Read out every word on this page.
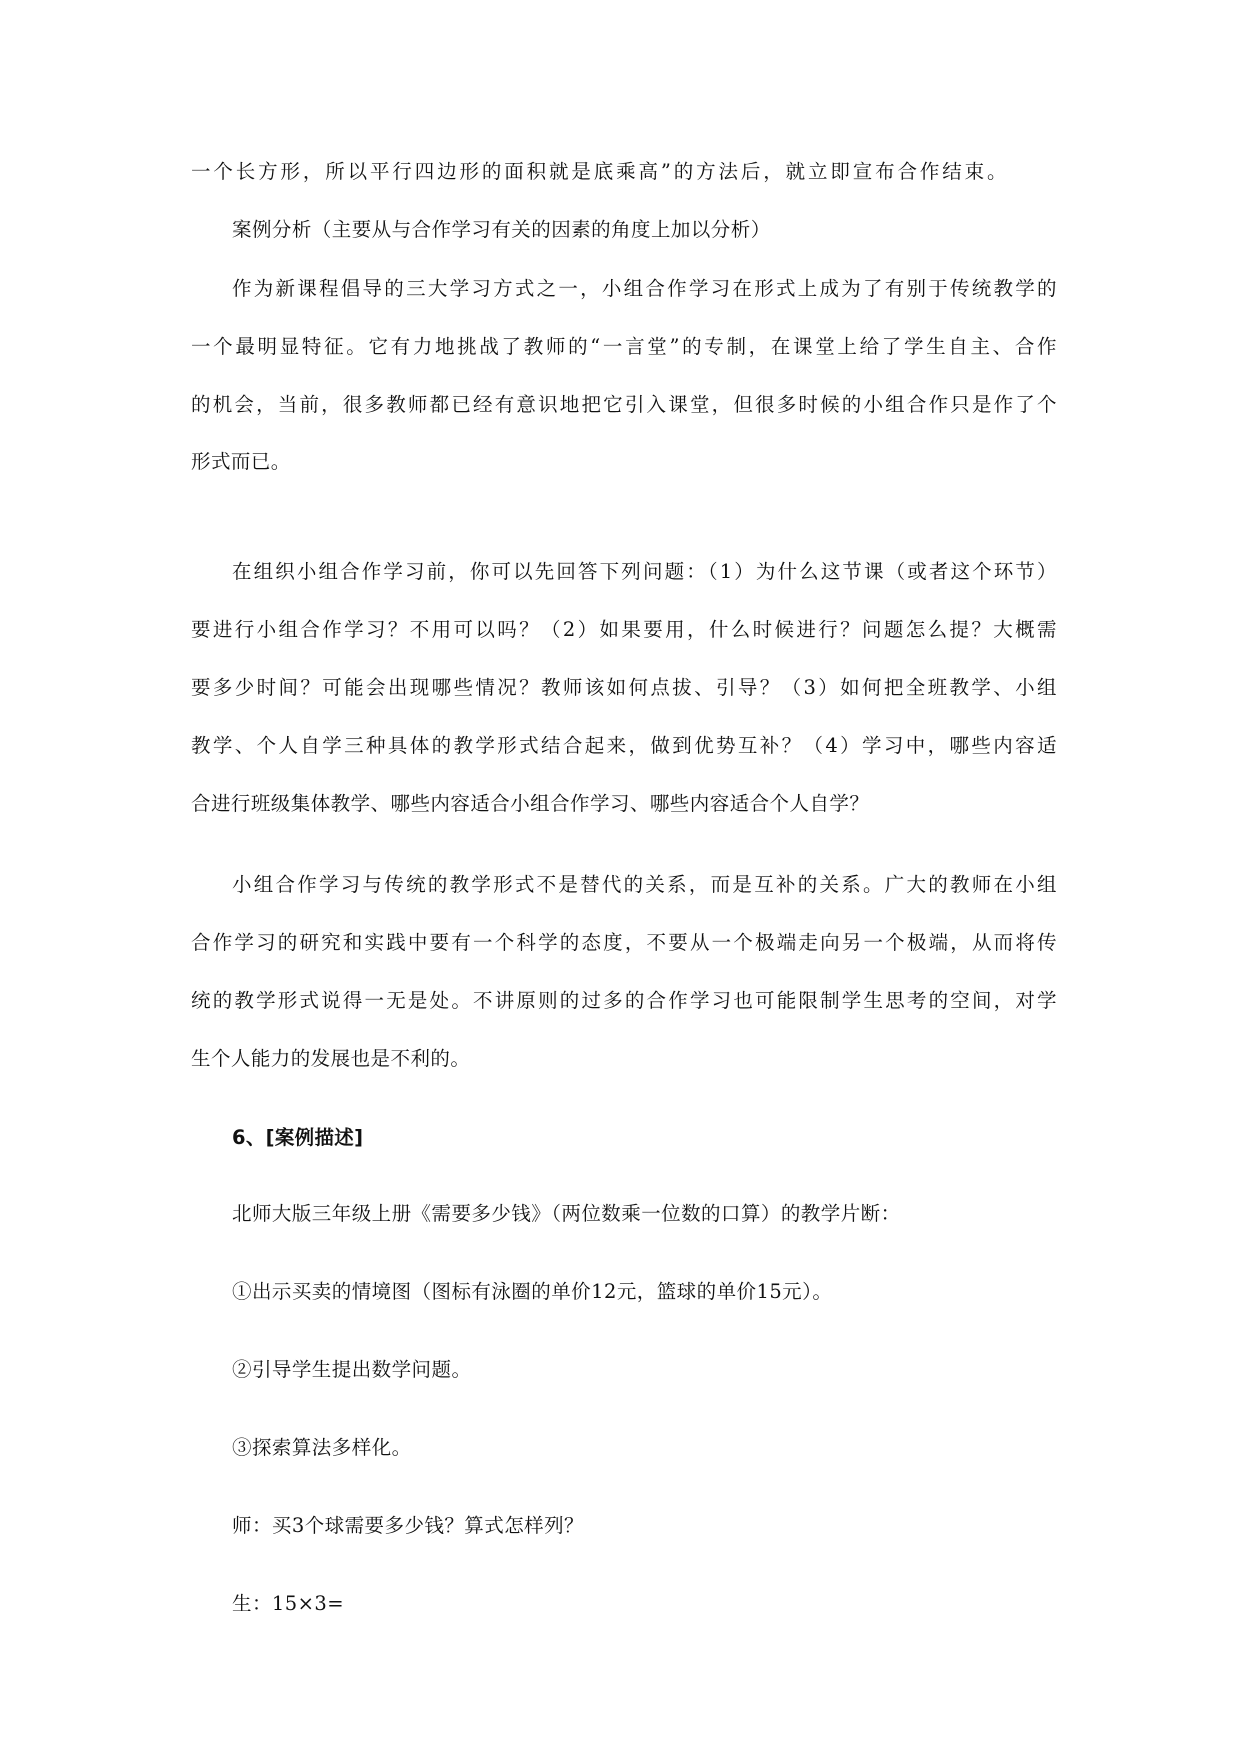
一个长方形，所以平行四边形的面积就是底乘高”的方法后，就立即宣布合作结束。
案例分析（主要从与合作学习有关的因素的角度上加以分析）
作为新课程倡导的三大学习方式之一，小组合作学习在形式上成为了有别于传统教学的
一个最明显特征。它有力地挑战了教师的“一言堂”的专制，在课堂上给了学生自主、合作
的机会，当前，很多教师都已经有意识地把它引入课堂，但很多时候的小组合作只是作了个
形式而已。
在组织小组合作学习前，你可以先回答下列问题：（1）为什么这节课（或者这个环节）
要进行小组合作学习？不用可以吗？（2）如果要用，什么时候进行？问题怎么提？大概需
要多少时间？可能会出现哪些情况？教师该如何点拔、引导？（3）如何把全班教学、小组
教学、个人自学三种具体的教学形式结合起来，做到优势互补？（4）学习中，哪些内容适
合进行班级集体教学、哪些内容适合小组合作学习、哪些内容适合个人自学？
小组合作学习与传统的教学形式不是替代的关系，而是互补的关系。广大的教师在小组
合作学习的研究和实践中要有一个科学的态度，不要从一个极端走向另一个极端，从而将传
统的教学形式说得一无是处。不讲原则的过多的合作学习也可能限制学生思考的空间，对学
生个人能力的发展也是不利的。
6、[案例描述]
北师大版三年级上册《需要多少钱》（两位数乘一位数的口算）的教学片断：
①出示买卖的情境图（图标有泳圈的单价12元，篮球的单价15元）。
②引导学生提出数学问题。
③探索算法多样化。
师：买3个球需要多少钱？算式怎样列？
生：15×3=
